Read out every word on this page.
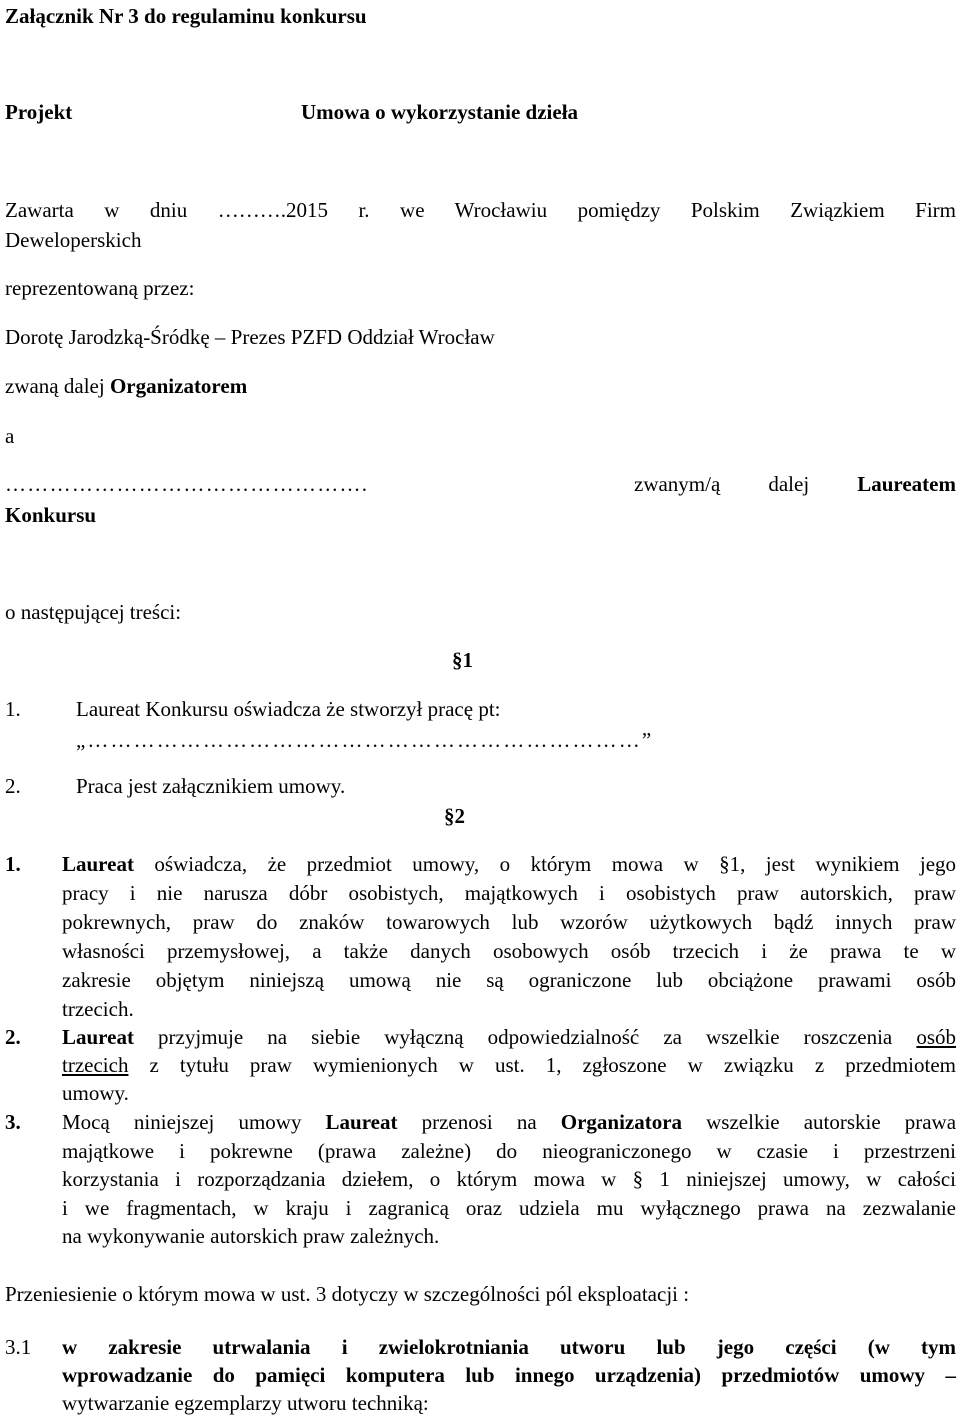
Załącznik Nr 3 do regulaminu konkursu
Projekt	Umowa o wykorzystanie dzieła
Zawarta w dniu ……….2015 r. we Wrocławiu pomiędzy Polskim Związkiem Firm
Deweloperskich
reprezentowaną przez:
Dorotę Jarodzką-Śródkę – Prezes PZFD Oddział Wrocław
zwaną dalej Organizatorem
a
………………………………………….	zwanym/ą dalej Laureatem
Konkursu
o następującej treści:
§1
1.	Laureat Konkursu oświadcza że stworzył pracę pt:
„………………………………………………………………”
2.	Praca jest załącznikiem umowy.
§2
1. Laureat oświadcza, że przedmiot umowy, o którym mowa w §1, jest wynikiem jego
pracy i nie narusza dóbr osobistych, majątkowych i osobistych praw autorskich, praw
pokrewnych, praw do znaków towarowych lub wzorów użytkowych bądź innych praw
własności przemysłowej, a także danych osobowych osób trzecich i że prawa te w
zakresie objętym niniejszą umową nie są ograniczone lub obciążone prawami osób
trzecich.
2. Laureat przyjmuje na siebie wyłączną odpowiedzialność za wszelkie roszczenia osób
trzecich z tytułu praw wymienionych w ust. 1, zgłoszone w związku z przedmiotem
umowy.
3. Mocą niniejszej umowy Laureat przenosi na Organizatora wszelkie autorskie prawa
majątkowe i pokrewne (prawa zależne) do nieograniczonego w czasie i przestrzeni
korzystania i rozporządzania dziełem, o którym mowa w § 1 niniejszej umowy, w całości
i we fragmentach, w kraju i zagranicą oraz udziela mu wyłącznego prawa na zezwalanie
na wykonywanie autorskich praw zależnych.
Przeniesienie o którym mowa w ust. 3 dotyczy w szczególności pól eksploatacji :
3.1 w zakresie utrwalania i zwielokrotniania utworu lub jego części (w tym
wprowadzanie do pamięci komputera lub innego urządzenia) przedmiotów umowy –
wytwarzanie egzemplarzy utworu techniką:
